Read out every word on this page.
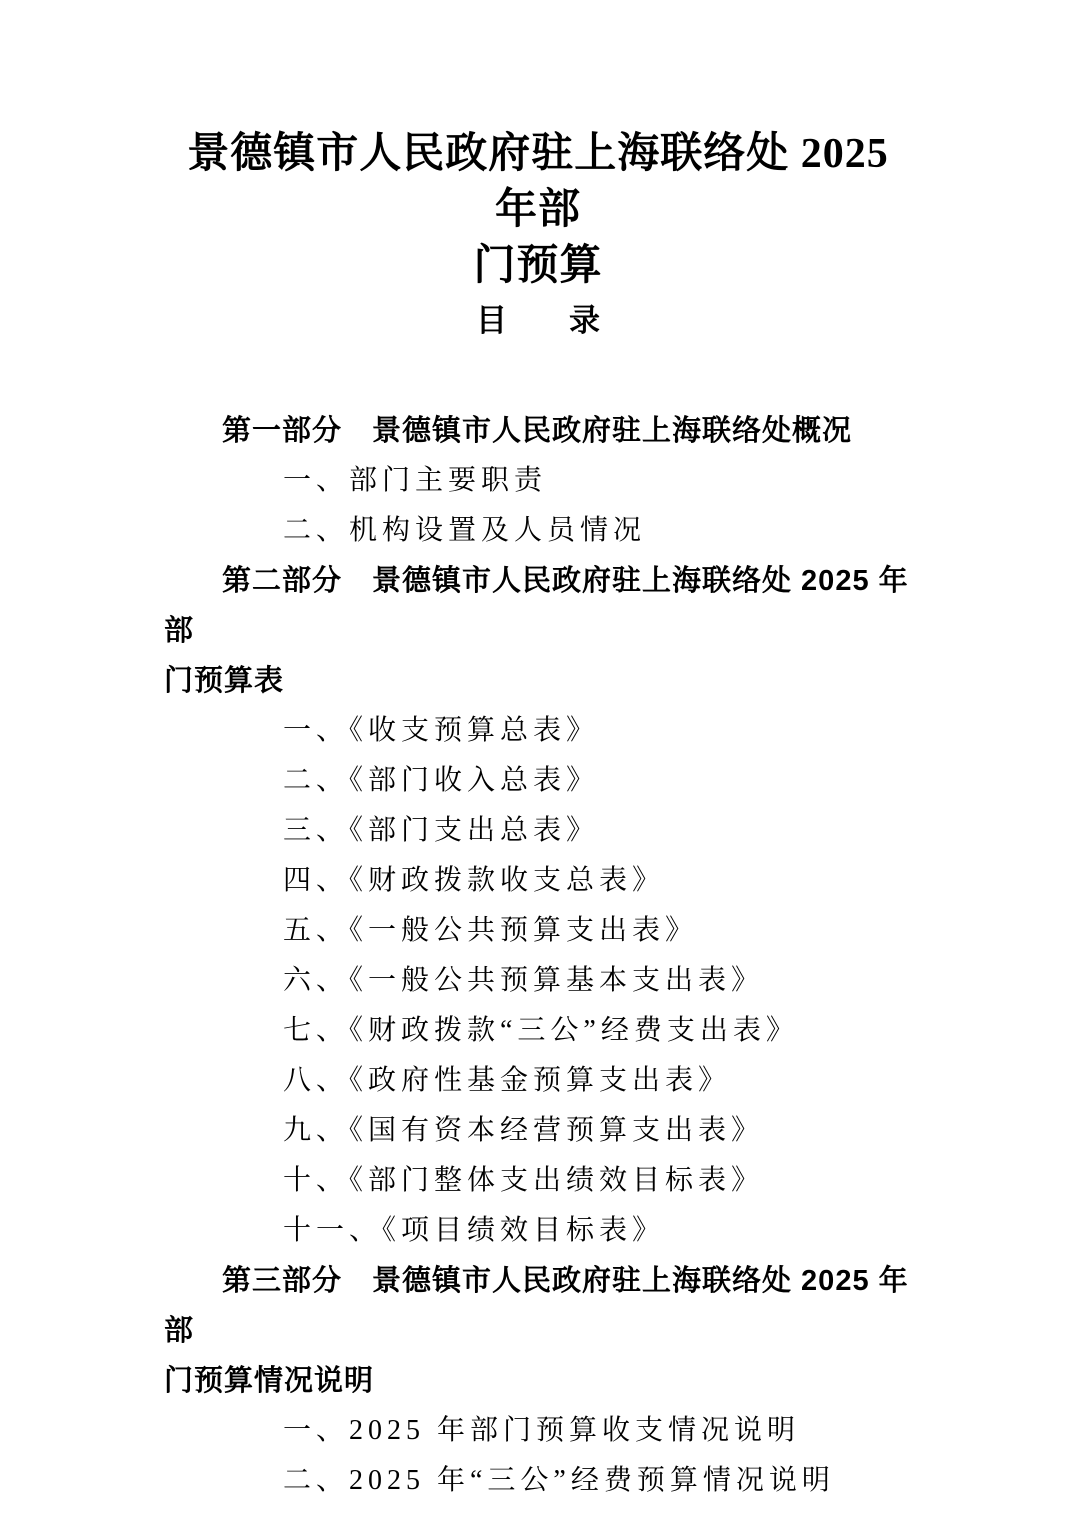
景德镇市人民政府驻上海联络处 2025 年部
门预算
目　　录

第一部分　景德镇市人民政府驻上海联络处概况

一、部门主要职责

二、机构设置及人员情况

第二部分　景德镇市人民政府驻上海联络处 2025 年部

门预算表

一、《收支预算总表》

二、《部门收入总表》

三、《部门支出总表》

四、《财政拨款收支总表》

五、《一般公共预算支出表》

六、《一般公共预算基本支出表》

七、《财政拨款“三公”经费支出表》

八、《政府性基金预算支出表》

九、《国有资本经营预算支出表》

十、《部门整体支出绩效目标表》

十一、《项目绩效目标表》

第三部分　景德镇市人民政府驻上海联络处 2025 年部

门预算情况说明

一、2025 年部门预算收支情况说明

二、2025 年“三公”经费预算情况说明
